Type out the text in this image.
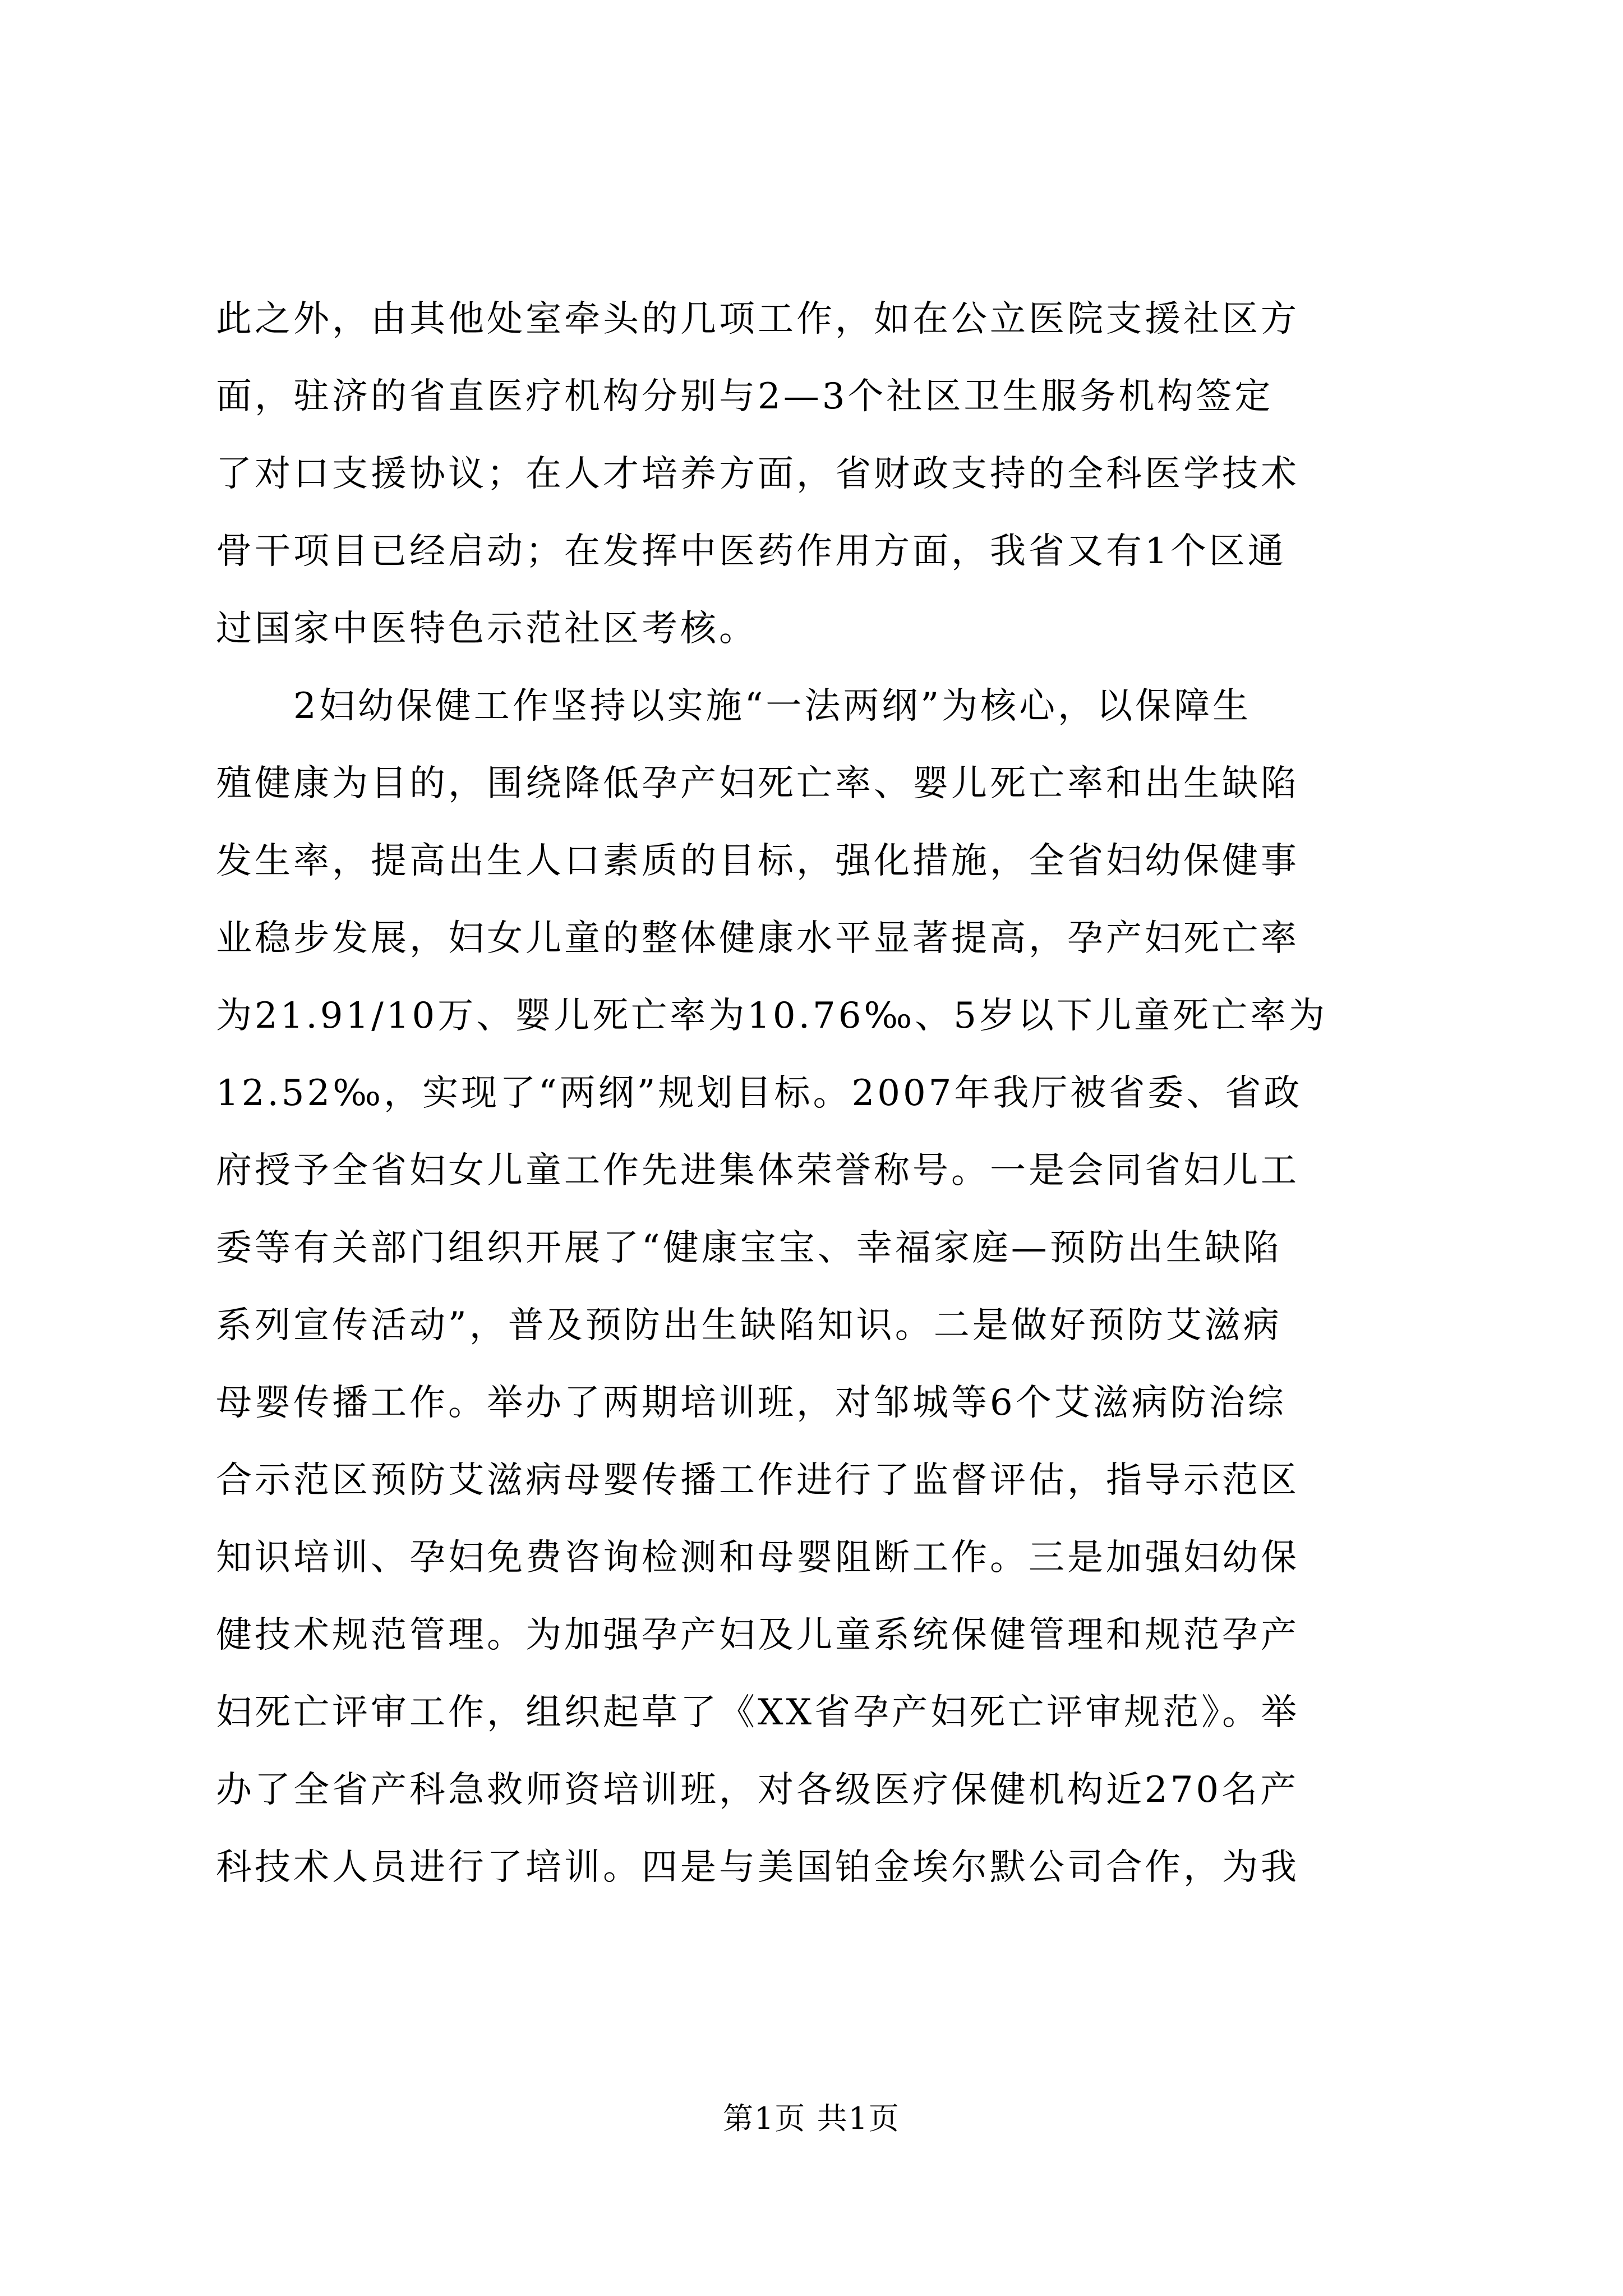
此之外，由其他处室牵头的几项工作，如在公立医院支援社区方
面，驻济的省直医疗机构分别与2—3个社区卫生服务机构签定
了对口支援协议；在人才培养方面，省财政支持的全科医学技术
骨干项目已经启动；在发挥中医药作用方面，我省又有1个区通
过国家中医特色示范社区考核。
　　2妇幼保健工作坚持以实施“一法两纲”为核心，以保障生
殖健康为目的，围绕降低孕产妇死亡率、婴儿死亡率和出生缺陷
发生率，提高出生人口素质的目标，强化措施，全省妇幼保健事
业稳步发展，妇女儿童的整体健康水平显著提高，孕产妇死亡率
为21.91/10万、婴儿死亡率为10.76‰、5岁以下儿童死亡率为
12.52‰，实现了“两纲”规划目标。2007年我厅被省委、省政
府授予全省妇女儿童工作先进集体荣誉称号。一是会同省妇儿工
委等有关部门组织开展了“健康宝宝、幸福家庭—预防出生缺陷
系列宣传活动”，普及预防出生缺陷知识。二是做好预防艾滋病
母婴传播工作。举办了两期培训班，对邹城等6个艾滋病防治综
合示范区预防艾滋病母婴传播工作进行了监督评估，指导示范区
知识培训、孕妇免费咨询检测和母婴阻断工作。三是加强妇幼保
健技术规范管理。为加强孕产妇及儿童系统保健管理和规范孕产
妇死亡评审工作，组织起草了《XX省孕产妇死亡评审规范》。举
办了全省产科急救师资培训班，对各级医疗保健机构近270名产
科技术人员进行了培训。四是与美国铂金埃尔默公司合作，为我
第1页 共1页
